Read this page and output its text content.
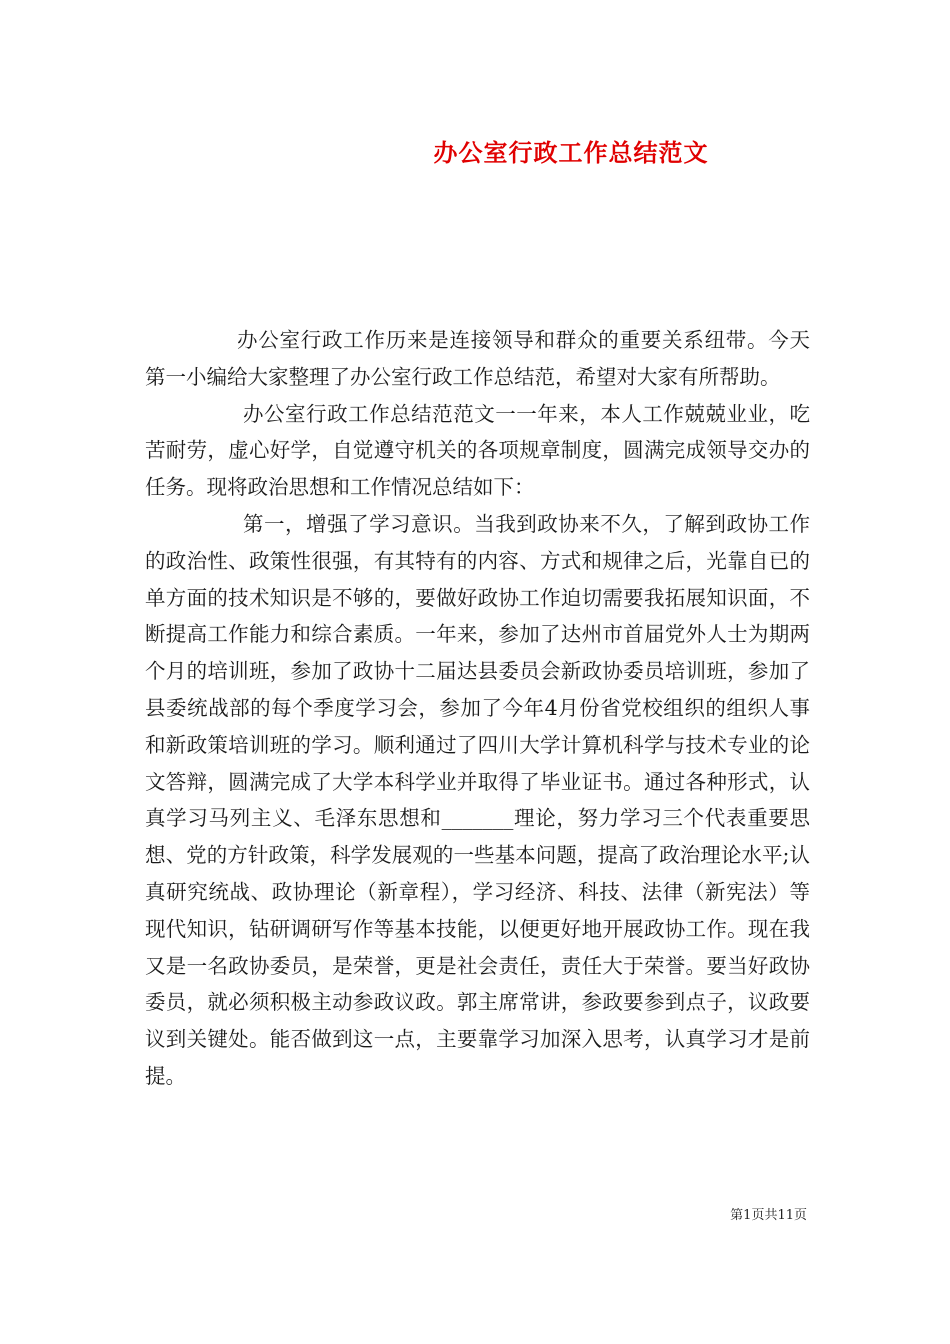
办公室行政工作总结范文

办公室行政工作历来是连接领导和群众的重要关系纽带。今天第一小编给大家整理了办公室行政工作总结范，希望对大家有所帮助。

办公室行政工作总结范范文一一年来，本人工作兢兢业业，吃苦耐劳，虚心好学，自觉遵守机关的各项规章制度，圆满完成领导交办的任务。现将政治思想和工作情况总结如下：

第一，增强了学习意识。当我到政协来不久，了解到政协工作的政治性、政策性很强，有其特有的内容、方式和规律之后，光靠自已的单方面的技术知识是不够的，要做好政协工作迫切需要我拓展知识面，不断提高工作能力和综合素质。一年来，参加了达州市首届党外人士为期两个月的培训班，参加了政协十二届达县委员会新政协委员培训班，参加了县委统战部的每个季度学习会，参加了今年4月份省党校组织的组织人事和新政策培训班的学习。顺利通过了四川大学计算机科学与技术专业的论文答辩，圆满完成了大学本科学业并取得了毕业证书。通过各种形式，认真学习马列主义、毛泽东思想和_______理论，努力学习三个代表重要思想、党的方针政策，科学发展观的一些基本问题，提高了政治理论水平;认真研究统战、政协理论（新章程），学习经济、科技、法律（新宪法）等现代知识，钻研调研写作等基本技能，以便更好地开展政协工作。现在我又是一名政协委员，是荣誉，更是社会责任，责任大于荣誉。要当好政协委员，就必须积极主动参政议政。郭主席常讲，参政要参到点子，议政要议到关键处。能否做到这一点，主要靠学习加深入思考，认真学习才是前提。

第1页共11页
